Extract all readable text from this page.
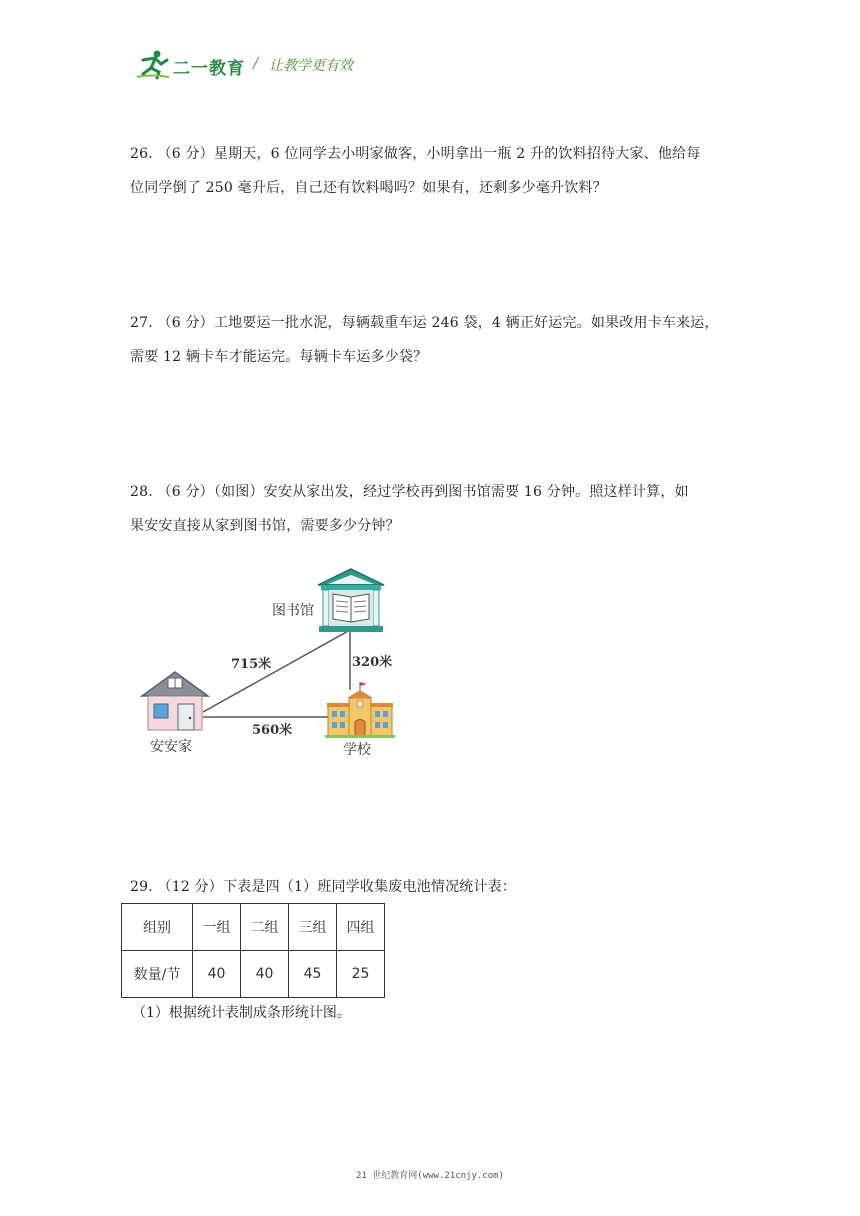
二一教育 / 让教学更有效
26. （6 分）星期天，6 位同学去小明家做客，小明拿出一瓶 2 升的饮料招待大家、他给每
位同学倒了 250 毫升后，自己还有饮料喝吗？如果有，还剩多少毫升饮料？
27. （6 分）工地要运一批水泥，每辆载重车运 246 袋，4 辆正好运完。如果改用卡车来运，
需要 12 辆卡车才能运完。每辆卡车运多少袋？
28. （6 分）（如图）安安从家出发，经过学校再到图书馆需要 16 分钟。照这样计算，如
果安安直接从家到图书馆，需要多少分钟？
图书馆
安安家	学校
715米	320米
560米
29. （12 分）下表是四（1）班同学收集废电池情况统计表：
组别	一组	二组	三组	四组
数量/节	40	40	45	25
（1）根据统计表制成条形统计图。
21 世纪教育网(www.21cnjy.com)
